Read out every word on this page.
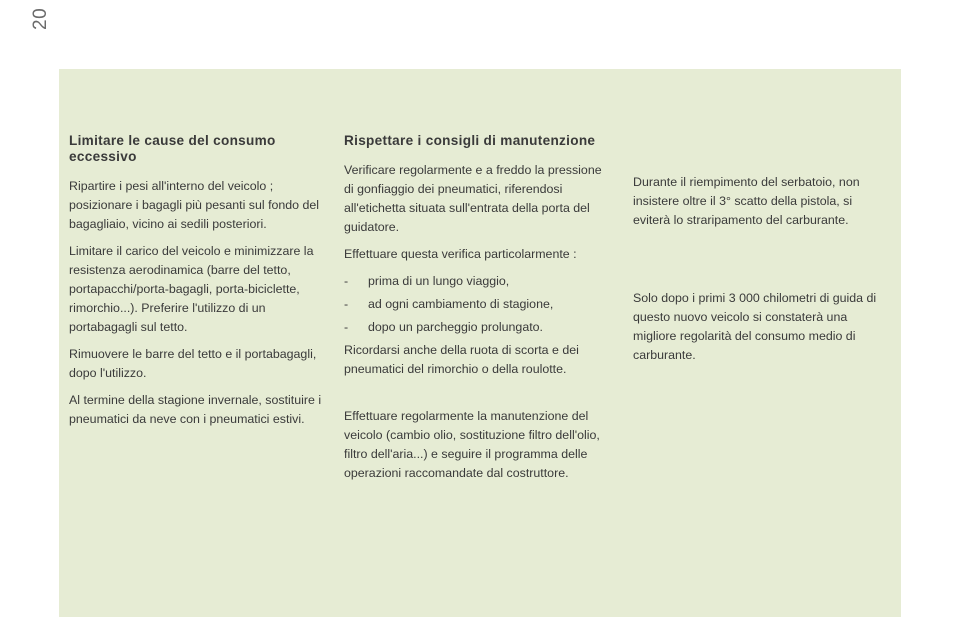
20
Limitare le cause del consumo eccessivo

Ripartire i pesi all'interno del veicolo ; posizionare i bagagli più pesanti sul fondo del bagagliaio, vicino ai sedili posteriori.

Limitare il carico del veicolo e minimizzare la resistenza aerodinamica (barre del tetto, portapacchi/porta-bagagli, porta-biciclette, rimorchio...). Preferire l'utilizzo di un portabagagli sul tetto.

Rimuovere le barre del tetto e il portabagagli, dopo l'utilizzo.

Al termine della stagione invernale, sostituire i pneumatici da neve con i pneumatici estivi.

Rispettare i consigli di manutenzione

Verificare regolarmente e a freddo la pressione di gonfiaggio dei pneumatici, riferendosi all'etichetta situata sull'entrata della porta del guidatore.

Effettuare questa verifica particolarmente :

- prima di un lungo viaggio,
- ad ogni cambiamento di stagione,
- dopo un parcheggio prolungato.

Ricordarsi anche della ruota di scorta e dei pneumatici del rimorchio o della roulotte.

Effettuare regolarmente la manutenzione del veicolo (cambio olio, sostituzione filtro dell'olio, filtro dell'aria...) e seguire il programma delle operazioni raccomandate dal costruttore.

Durante il riempimento del serbatoio, non insistere oltre il 3° scatto della pistola, si eviterà lo straripamento del carburante.

Solo dopo i primi 3 000 chilometri di guida di questo nuovo veicolo si constaterà una migliore regolarità del consumo medio di carburante.
